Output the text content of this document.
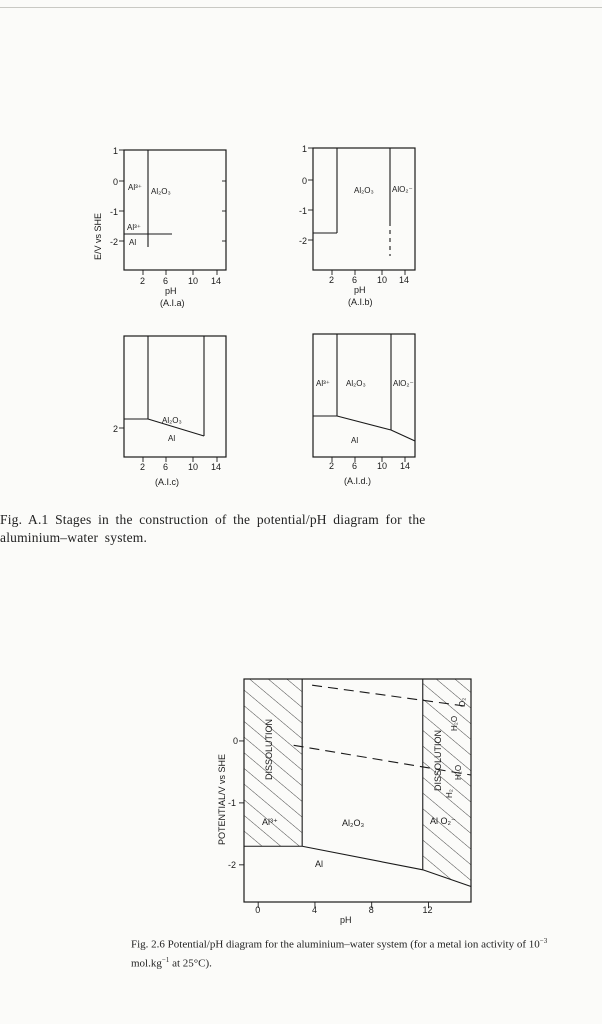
1
0
-1
-2
2 6 10 14
pH
(A.I.a)
E/V vs SHE
Al³⁺ Al₂O₃
Al³⁺
Al
1
0
-1
-2
2 6 10 14
pH
(A.I.b)
Al₂O₃ AlO₂⁻
2
2 6 10 14
(A.I.c)
Al₂O₃
Al
2 6 10 14
(A.I.d.)
Al³⁺ Al₂O₃	AlO₂⁻
Al
0	4	8	12
0
-1
-2
POTENTIAL/V vs SHE
pH
DISSOLUTION	DISSOLUTION
Al³⁺	Al₂O₃	Al O₂⁻
Al
O₂
H₂O
H₂O
H₂
Fig. A.1 Stages in the construction of the potential/pH diagram for the
aluminium–water system.
Fig. 2.6 Potential/pH diagram for the aluminium–water system (for a metal ion activity of $10^{-3}$ $mol.kg^{-1}$ at 25°C).
